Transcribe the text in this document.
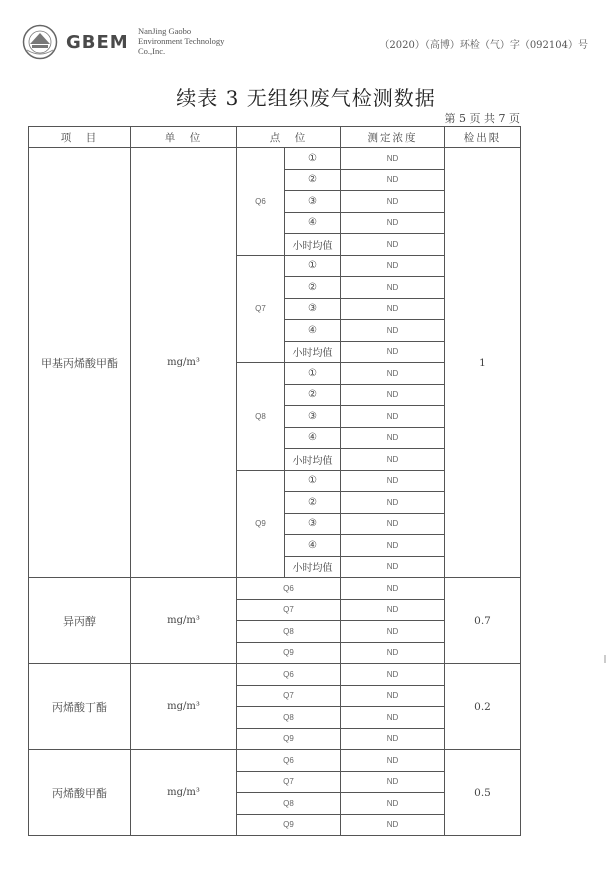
GBEM
NanJing Gaobo
Environment Technology
Co.,Inc.	（2020）（高博）环检（气）字（092104）号
续表 3 无组织废气检测数据
第 5 页 共 7 页
项　目	单　位	点　位		测定浓度	检出限
甲基丙烯酸甲酯	mg/m³	Q6	①	ND	1
			②	ND	
			③	ND	
			④	ND	
			小时均值	ND	
		Q7	①	ND	
			②	ND	
			③	ND	
			④	ND	
			小时均值	ND	
		Q8	①	ND	
			②	ND	
			③	ND	
			④	ND	
			小时均值	ND	
		Q9	①	ND	
			②	ND	
			③	ND	
			④	ND	
			小时均值	ND	
异丙醇	mg/m³	Q6		ND	0.7
		Q7		ND	
		Q8		ND	
		Q9		ND	
丙烯酸丁酯	mg/m³	Q6		ND	0.2
		Q7		ND	
		Q8		ND	
		Q9		ND	
丙烯酸甲酯	mg/m³	Q6		ND	0.5
		Q7		ND	
		Q8		ND	
		Q9		ND	
